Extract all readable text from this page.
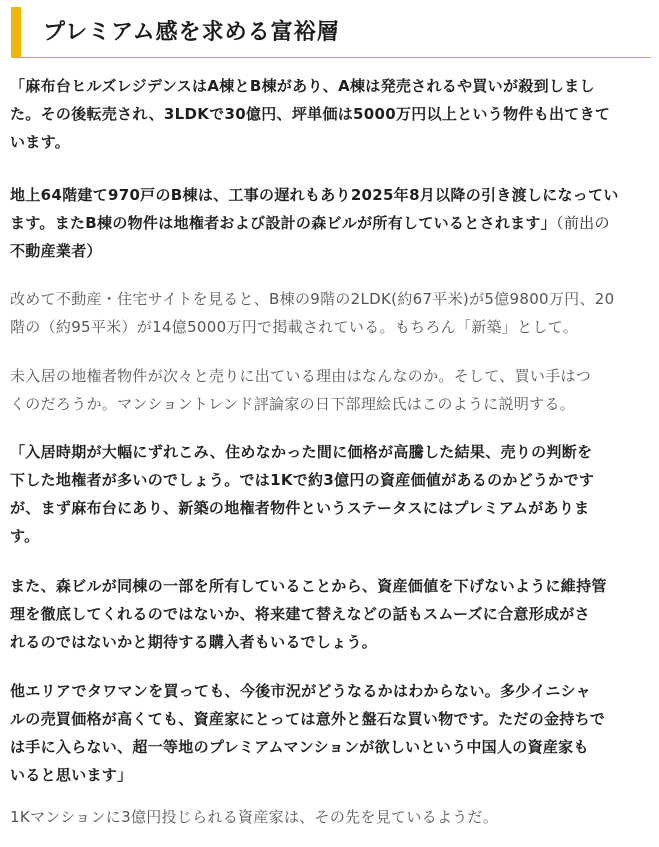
プレミアム感を求める富裕層

「麻布台ヒルズレジデンスはA棟とB棟があり、A棟は発売されるや買いが殺到しまし
た。その後転売され、3LDKで30億円、坪単価は5000万円以上という物件も出てきて
います。

地上64階建て970戸のB棟は、工事の遅れもあり2025年8月以降の引き渡しになってい
ます。またB棟の物件は地権者および設計の森ビルが所有しているとされます」（前出の
不動産業者）

改めて不動産・住宅サイトを見ると、B棟の9階の2LDK(約67平米)が5億9800万円、20
階の（約95平米）が14億5000万円で掲載されている。もちろん「新築」として。

未入居の地権者物件が次々と売りに出ている理由はなんなのか。そして、買い手はつ
くのだろうか。マンショントレンド評論家の日下部理絵氏はこのように説明する。

「入居時期が大幅にずれこみ、住めなかった間に価格が高騰した結果、売りの判断を
下した地権者が多いのでしょう。では1Kで約3億円の資産価値があるのかどうかです
が、まず麻布台にあり、新築の地権者物件というステータスにはプレミアムがありま
す。

また、森ビルが同棟の一部を所有していることから、資産価値を下げないように維持管
理を徹底してくれるのではないか、将来建て替えなどの話もスムーズに合意形成がさ
れるのではないかと期待する購入者もいるでしょう。

他エリアでタワマンを買っても、今後市況がどうなるかはわからない。多少イニシャ
ルの売買価格が高くても、資産家にとっては意外と盤石な買い物です。ただの金持ちで
は手に入らない、超一等地のプレミアムマンションが欲しいという中国人の資産家も
いると思います」

1Kマンションに3億円投じられる資産家は、その先を見ているようだ。
